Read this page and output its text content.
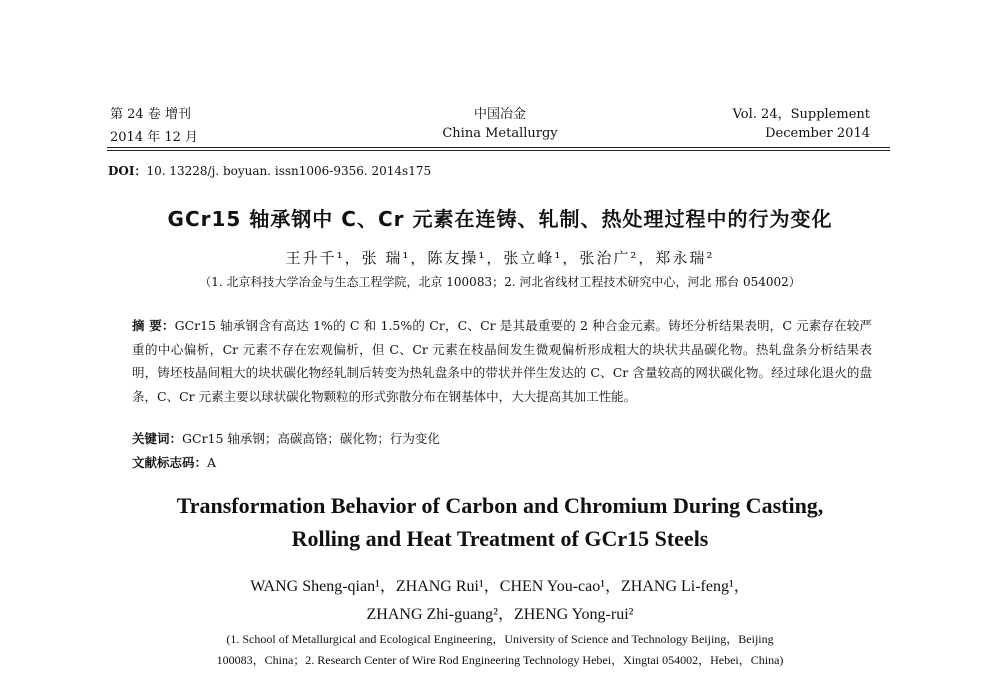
第 24 卷 增刊	中国冶金	Vol. 24，Supplement
2014 年 12 月	China Metallurgy	December 2014
DOI：10. 13228/j. boyuan. issn1006-9356. 2014s175
GCr15 轴承钢中 C、Cr 元素在连铸、轧制、热处理过程中的行为变化
王升千¹，张 瑞¹，陈友操¹，张立峰¹，张治广²，郑永瑞²
（1. 北京科技大学冶金与生态工程学院，北京 100083；2. 河北省线材工程技术研究中心，河北 邢台 054002）

摘 要：GCr15 轴承钢含有高达 1%的 C 和 1.5%的 Cr，C、Cr 是其最重要的 2 种合金元素。铸坯分析结果表明，C 元素存在较严重的中心偏析，Cr 元素不存在宏观偏析，但 C、Cr 元素在枝晶间发生微观偏析形成粗大的块状共晶碳化物。热轧盘条分析结果表明，铸坯枝晶间粗大的块状碳化物经轧制后转变为热轧盘条中的带状并伴生发达的 C、Cr 含量较高的网状碳化物。经过球化退火的盘条，C、Cr 元素主要以球状碳化物颗粒的形式弥散分布在钢基体中，大大提高其加工性能。

关键词：GCr15 轴承钢；高碳高铬；碳化物；行为变化
文献标志码：A
Transformation Behavior of Carbon and Chromium During Casting,
Rolling and Heat Treatment of GCr15 Steels
WANG Sheng-qian¹，ZHANG Rui¹，CHEN You-cao¹，ZHANG Li-feng¹，
ZHANG Zhi-guang²，ZHENG Yong-rui²
(1. School of Metallurgical and Ecological Engineering，University of Science and Technology Beijing，Beijing
100083，China；2. Research Center of Wire Rod Engineering Technology Hebei，Xingtai 054002，Hebei，China)
